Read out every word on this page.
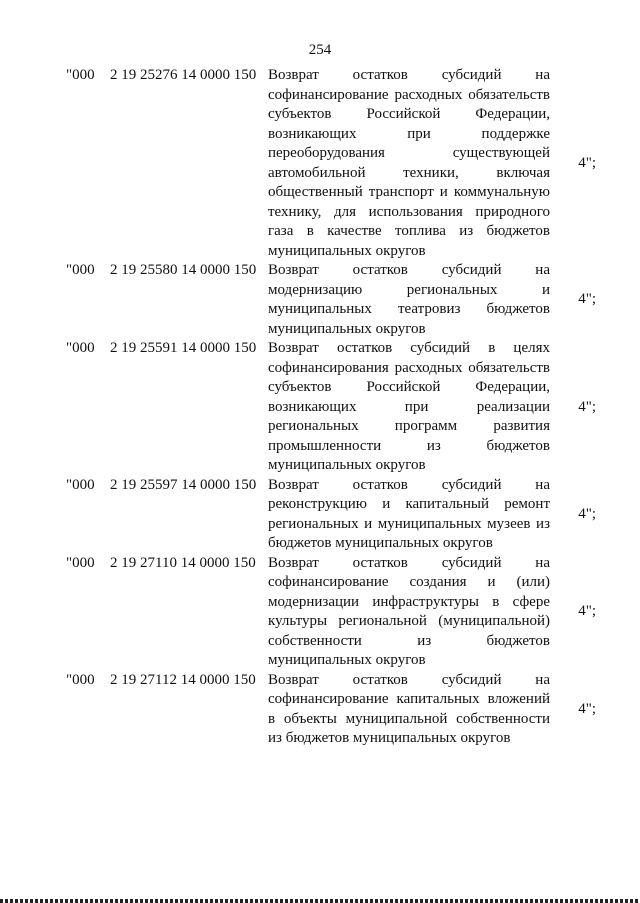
254
"000	2 19 25276 14 0000 150 Возврат остатков субсидий на софинансирование расходных обязательств субъектов Российской Федерации, возникающих при поддержке переоборудования существующей автомобильной техники, включая общественный транспорт и коммунальную технику, для использования природного газа в качестве топлива из бюджетов муниципальных округов
4";
"000	2 19 25580 14 0000 150 Возврат остатков субсидий на модернизацию региональных и муниципальных театровиз бюджетов муниципальных округов
4";
"000	2 19 25591 14 0000 150 Возврат остатков субсидий в целях софинансирования расходных обязательств субъектов Российской Федерации, возникающих при реализации региональных программ развития промышленности из бюджетов муниципальных округов
4";
"000	2 19 25597 14 0000 150 Возврат остатков субсидий на реконструкцию и капитальный ремонт региональных и муниципальных музеев из бюджетов муниципальных округов
4";
"000	2 19 27110 14 0000 150 Возврат остатков субсидий на софинансирование создания и (или) модернизации инфраструктуры в сфере культуры региональной (муниципальной) собственности из бюджетов муниципальных округов
4";
"000	2 19 27112 14 0000 150 Возврат остатков субсидий на софинансирование капитальных вложений в объекты муниципальной собственности из бюджетов муниципальных округов
4";
